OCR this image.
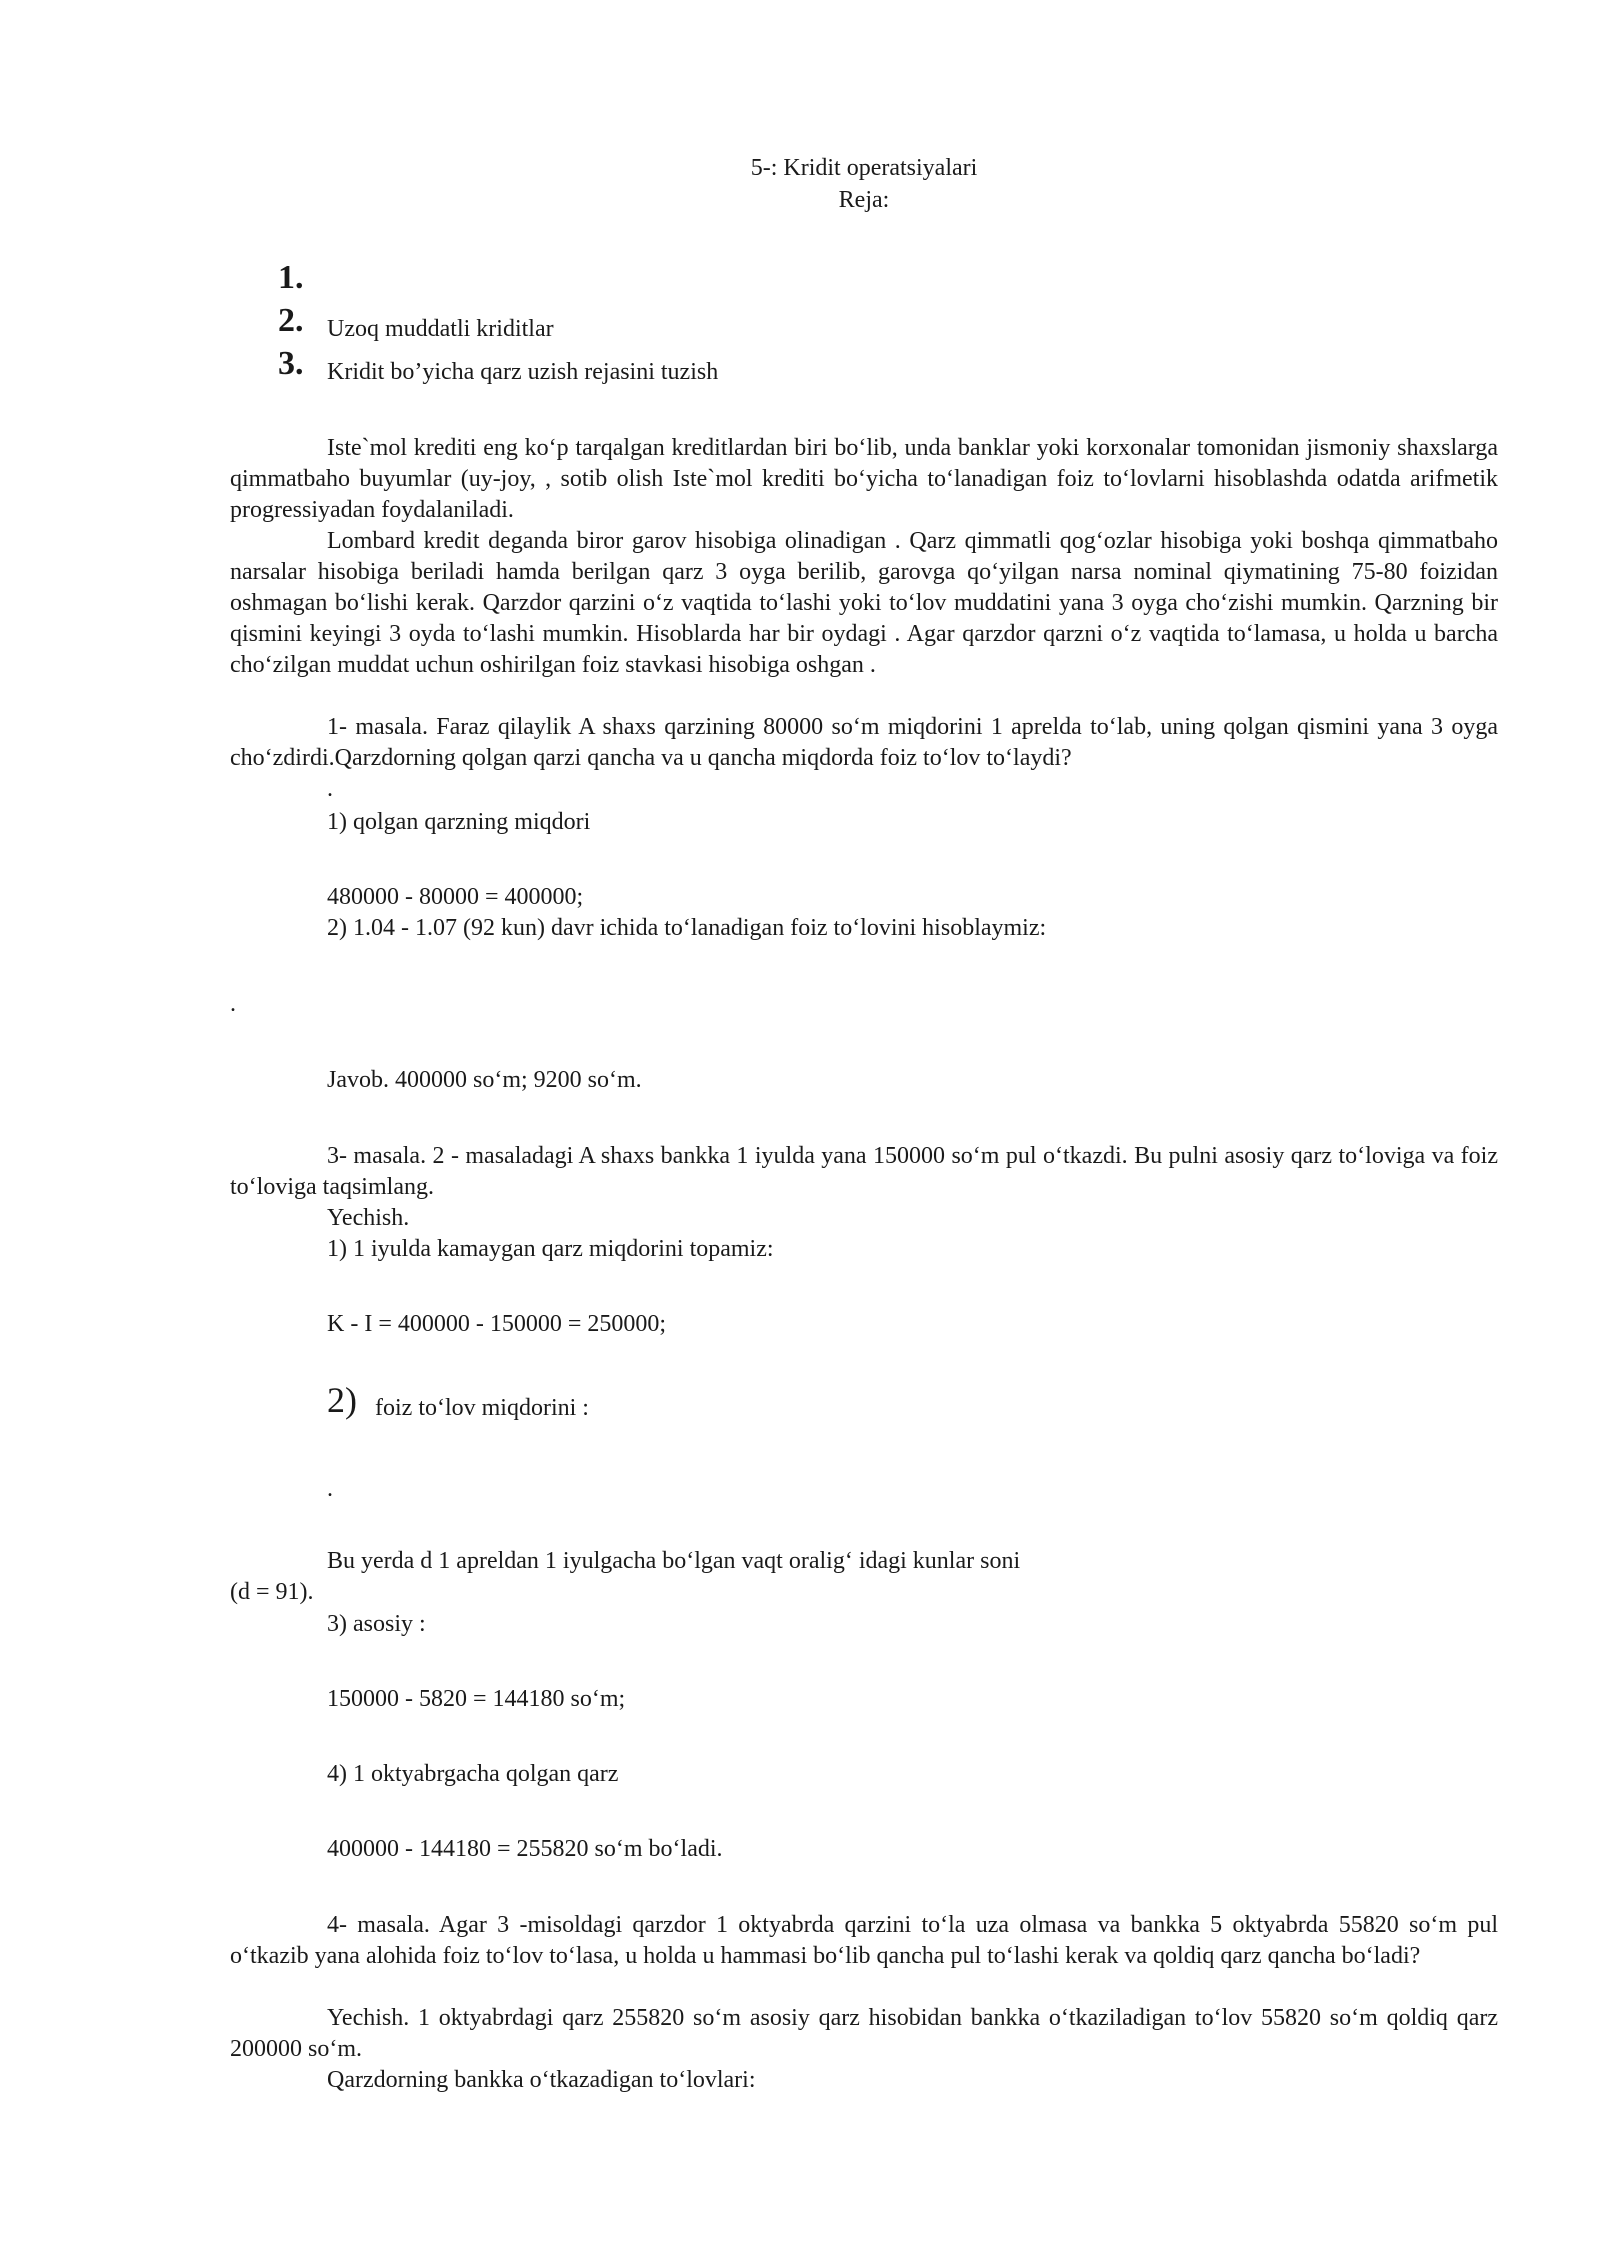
5-: Kridit operatsiyalari
Reja:
1.
2. Uzoq muddatli kriditlar
3. Kridit bo’yicha qarz uzish rejasini tuzish
Iste`mol krediti eng ko‘p tarqalgan kreditlardan biri bo‘lib, unda banklar yoki korxonalar tomonidan jismoniy shaxslarga qimmatbaho buyumlar (uy-joy, , sotib olish Iste`mol krediti bo‘yicha to‘lanadigan foiz to‘lovlarni hisoblashda odatda arifmetik progressiyadan foydalaniladi.
Lombard kredit deganda biror garov hisobiga olinadigan . Qarz qimmatli qog‘ozlar hisobiga yoki boshqa qimmatbaho narsalar hisobiga beriladi hamda berilgan qarz 3 oyga berilib, garovga qo‘yilgan narsa nominal qiymatining 75-80 foizidan oshmagan bo‘lishi kerak. Qarzdor qarzini o‘z vaqtida to‘lashi yoki to‘lov muddatini yana 3 oyga cho‘zishi mumkin. Qarzning bir qismini keyingi 3 oyda to‘lashi mumkin. Hisoblarda har bir oydagi . Agar qarzdor qarzni o‘z vaqtida to‘lamasa, u holda u barcha cho‘zilgan muddat uchun oshirilgan foiz stavkasi hisobiga oshgan .
1- masala. Faraz qilaylik A shaxs qarzining 80000 so‘m miqdorini 1 aprelda to‘lab, uning qolgan qismini yana 3 oyga cho‘zdirdi.Qarzdorning qolgan qarzi qancha va u qancha miqdorda foiz to‘lov to‘laydi?
.
1) qolgan qarzning miqdori
480000 - 80000 = 400000;
2) 1.04 - 1.07 (92 kun) davr ichida to‘lanadigan foiz to‘lovini hisoblaymiz:
.
Javob. 400000 so‘m; 9200 so‘m.
3- masala. 2 - masaladagi A shaxs bankka 1 iyulda yana 150000 so‘m pul o‘tkazdi. Bu pulni asosiy qarz to‘loviga va foiz to‘loviga taqsimlang.
Yechish.
1) 1 iyulda kamaygan qarz miqdorini topamiz:
K - I = 400000 - 150000 = 250000;
2) foiz to‘lov miqdorini :
.
Bu yerda d 1 apreldan 1 iyulgacha bo‘lgan vaqt oralig‘ idagi kunlar soni
(d = 91).
3) asosiy :
150000 - 5820 = 144180 so‘m;
4) 1 oktyabrgacha qolgan qarz
400000 - 144180 = 255820 so‘m bo‘ladi.
4- masala. Agar 3 -misoldagi qarzdor 1 oktyabrda qarzini to‘la uza olmasa va bankka 5 oktyabrda 55820 so‘m pul o‘tkazib yana alohida foiz to‘lov to‘lasa, u holda u hammasi bo‘lib qancha pul to‘lashi kerak va qoldiq qarz qancha bo‘ladi?
Yechish. 1 oktyabrdagi qarz 255820 so‘m asosiy qarz hisobidan bankka o‘tkaziladigan to‘lov 55820 so‘m qoldiq qarz 200000 so‘m.
Qarzdorning bankka o‘tkazadigan to‘lovlari:
